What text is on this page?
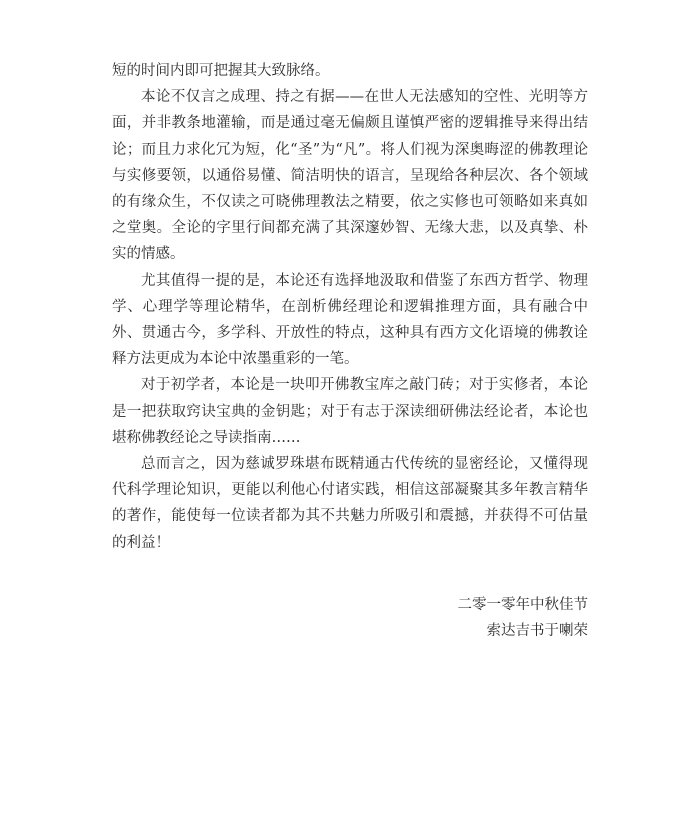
短的时间内即可把握其大致脉络。

本论不仅言之成理、持之有据——在世人无法感知的空性、光明等方面，并非教条地灌输，而是通过毫无偏颇且谨慎严密的逻辑推导来得出结论；而且力求化冗为短，化“圣”为“凡”。将人们视为深奥晦涩的佛教理论与实修要领，以通俗易懂、简洁明快的语言，呈现给各种层次、各个领域的有缘众生，不仅读之可晓佛理教法之精要，依之实修也可领略如来真如之堂奥。全论的字里行间都充满了其深邃妙智、无缘大悲，以及真挚、朴实的情感。

尤其值得一提的是，本论还有选择地汲取和借鉴了东西方哲学、物理学、心理学等理论精华，在剖析佛经理论和逻辑推理方面，具有融合中外、贯通古今，多学科、开放性的特点，这种具有西方文化语境的佛教诠释方法更成为本论中浓墨重彩的一笔。

对于初学者，本论是一块叩开佛教宝库之敲门砖；对于实修者，本论是一把获取窍诀宝典的金钥匙；对于有志于深读细研佛法经论者，本论也堪称佛教经论之导读指南……

总而言之，因为慈诚罗珠堪布既精通古代传统的显密经论，又懂得现代科学理论知识，更能以利他心付诸实践，相信这部凝聚其多年教言精华的著作，能使每一位读者都为其不共魅力所吸引和震撼，并获得不可估量的利益！

二零一零年中秋佳节
索达吉书于喇荣
